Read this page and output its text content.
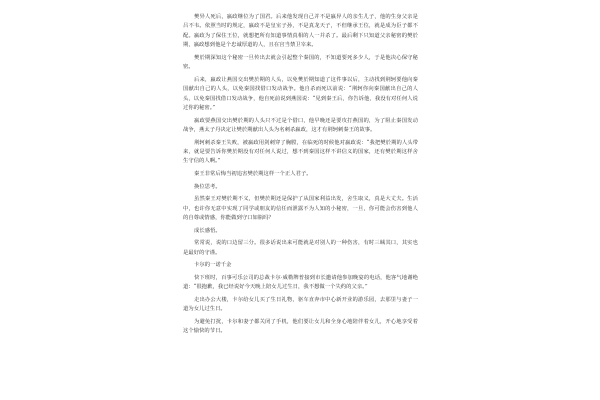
樊异人死后，嬴政继位为了国君。后来他发现自己并不是嬴异人的亲生儿子，他的生身父亲是吕不韦。依照当时的规定，嬴政不是皇室子孙，不是真龙天子，不但继承王位，就是成为臣子都不配。嬴政为了保住王位，就想把所有知道事情真相的人一并杀了。最后剩下只知道父亲秘密的樊於期，嬴政想到他是个忠诚厚道的人，且在宫当禁卫宰来。

樊於期深知这个秘密一旦传出去就会引起整个秦国的，不知道要死多少人，于是他决心保守秘密。

后来，嬴政让燕国交出樊於期的人头，以免樊於期知道了这件事以后，主动找到荆轲要他向秦国献出自己的人头，以免秦国找借口发动战争。他自杀而死以前说：“荆轲你向秦国献出自己的人头，以免秦国找借口发动战争，他自死前说到燕国说：“见到秦王后，你告诉他，我没有对任何人说过你的秘密。”

嬴政要燕国交出樊於期的人头只不过是个借口，他早晚还是要攻打燕国的，为了阻止秦国发动战争，燕太子丹决定让樊於期献出人头为名刺杀嬴政，这才有荆轲刺秦王的故事。

荆轲刺杀秦王失败，被嬴政用剑刺穿了胸膛，在临死的时候他对嬴政说：“我把樊於期的人头带来，就是要告诉你樊於期没有对任何人说过，想不到秦国这样不讲信义的国家，还有樊於期这样舍生守信的人啊。”

秦王非常后悔当初追害樊於期这样一个正人君子。

换位思考。

虽然秦王对樊於期不义，但樊於期还是保护了从国家利益出发，舍生取义，真是大丈夫。生活中，也许你无意中实现了同学或朋友的信任而泄露不为人知的小秘密，一旦，你可能会伤害到他人的自尊或情感，你能做到守口如瓶吗？

成长感悟。

常常说，说的口边留三分。很多话说出来可能就是对别人的一种伤害，有时三缄其口，其实也是最好的守谨。

卡尔的一诺千金

快下班时，百事可乐公司的总裁卡尔·威勒牌普接到市长邀请他参加晚宴的电话，他客气地谢绝道：“很抱歉，我已经说好今天晚上陪女儿过生日，我不想做一个失约的父亲。”

走出办公大楼，卡尔给女儿买了生日礼物，驱车直奔市中心新开业的游乐园，去那里与妻子一道为女儿过生日。

为避免打扰，卡尔和妻子都关闭了手机，他们要让女儿和全身心地陪伴着女儿，开心地享受着这个愉快的节日。
